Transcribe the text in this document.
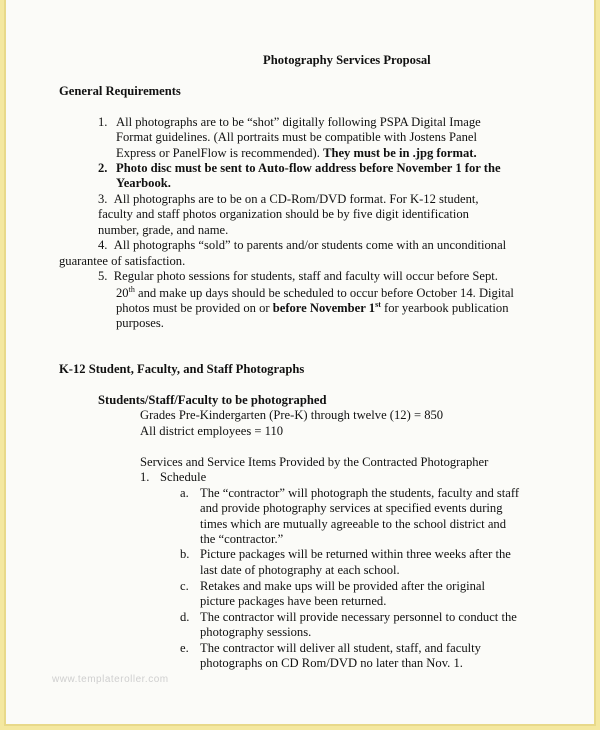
Photography Services Proposal
General Requirements
1. All photographs are to be “shot” digitally following PSPA Digital Image
Format guidelines. (All portraits must be compatible with Jostens Panel
Express or PanelFlow is recommended). They must be in .jpg format.
2. Photo disc must be sent to Auto-flow address before November 1 for the
Yearbook.
3. All photographs are to be on a CD-Rom/DVD format. For K-12 student,
faculty and staff photos organization should be by five digit identification
number, grade, and name.
4. All photographs “sold” to parents and/or students come with an unconditional
guarantee of satisfaction.
5. Regular photo sessions for students, staff and faculty will occur before Sept.
20th and make up days should be scheduled to occur before October 14. Digital
photos must be provided on or before November 1st for yearbook publication
purposes.
K-12 Student, Faculty, and Staff Photographs
Students/Staff/Faculty to be photographed
Grades Pre-Kindergarten (Pre-K) through twelve (12) = 850
All district employees = 110
Services and Service Items Provided by the Contracted Photographer
1. Schedule
a. The “contractor” will photograph the students, faculty and staff
and provide photography services at specified events during
times which are mutually agreeable to the school district and
the “contractor.”
b. Picture packages will be returned within three weeks after the
last date of photography at each school.
c. Retakes and make ups will be provided after the original
picture packages have been returned.
d. The contractor will provide necessary personnel to conduct the
photography sessions.
e. The contractor will deliver all student, staff, and faculty
photographs on CD Rom/DVD no later than Nov. 1.
www.templateroller.com
